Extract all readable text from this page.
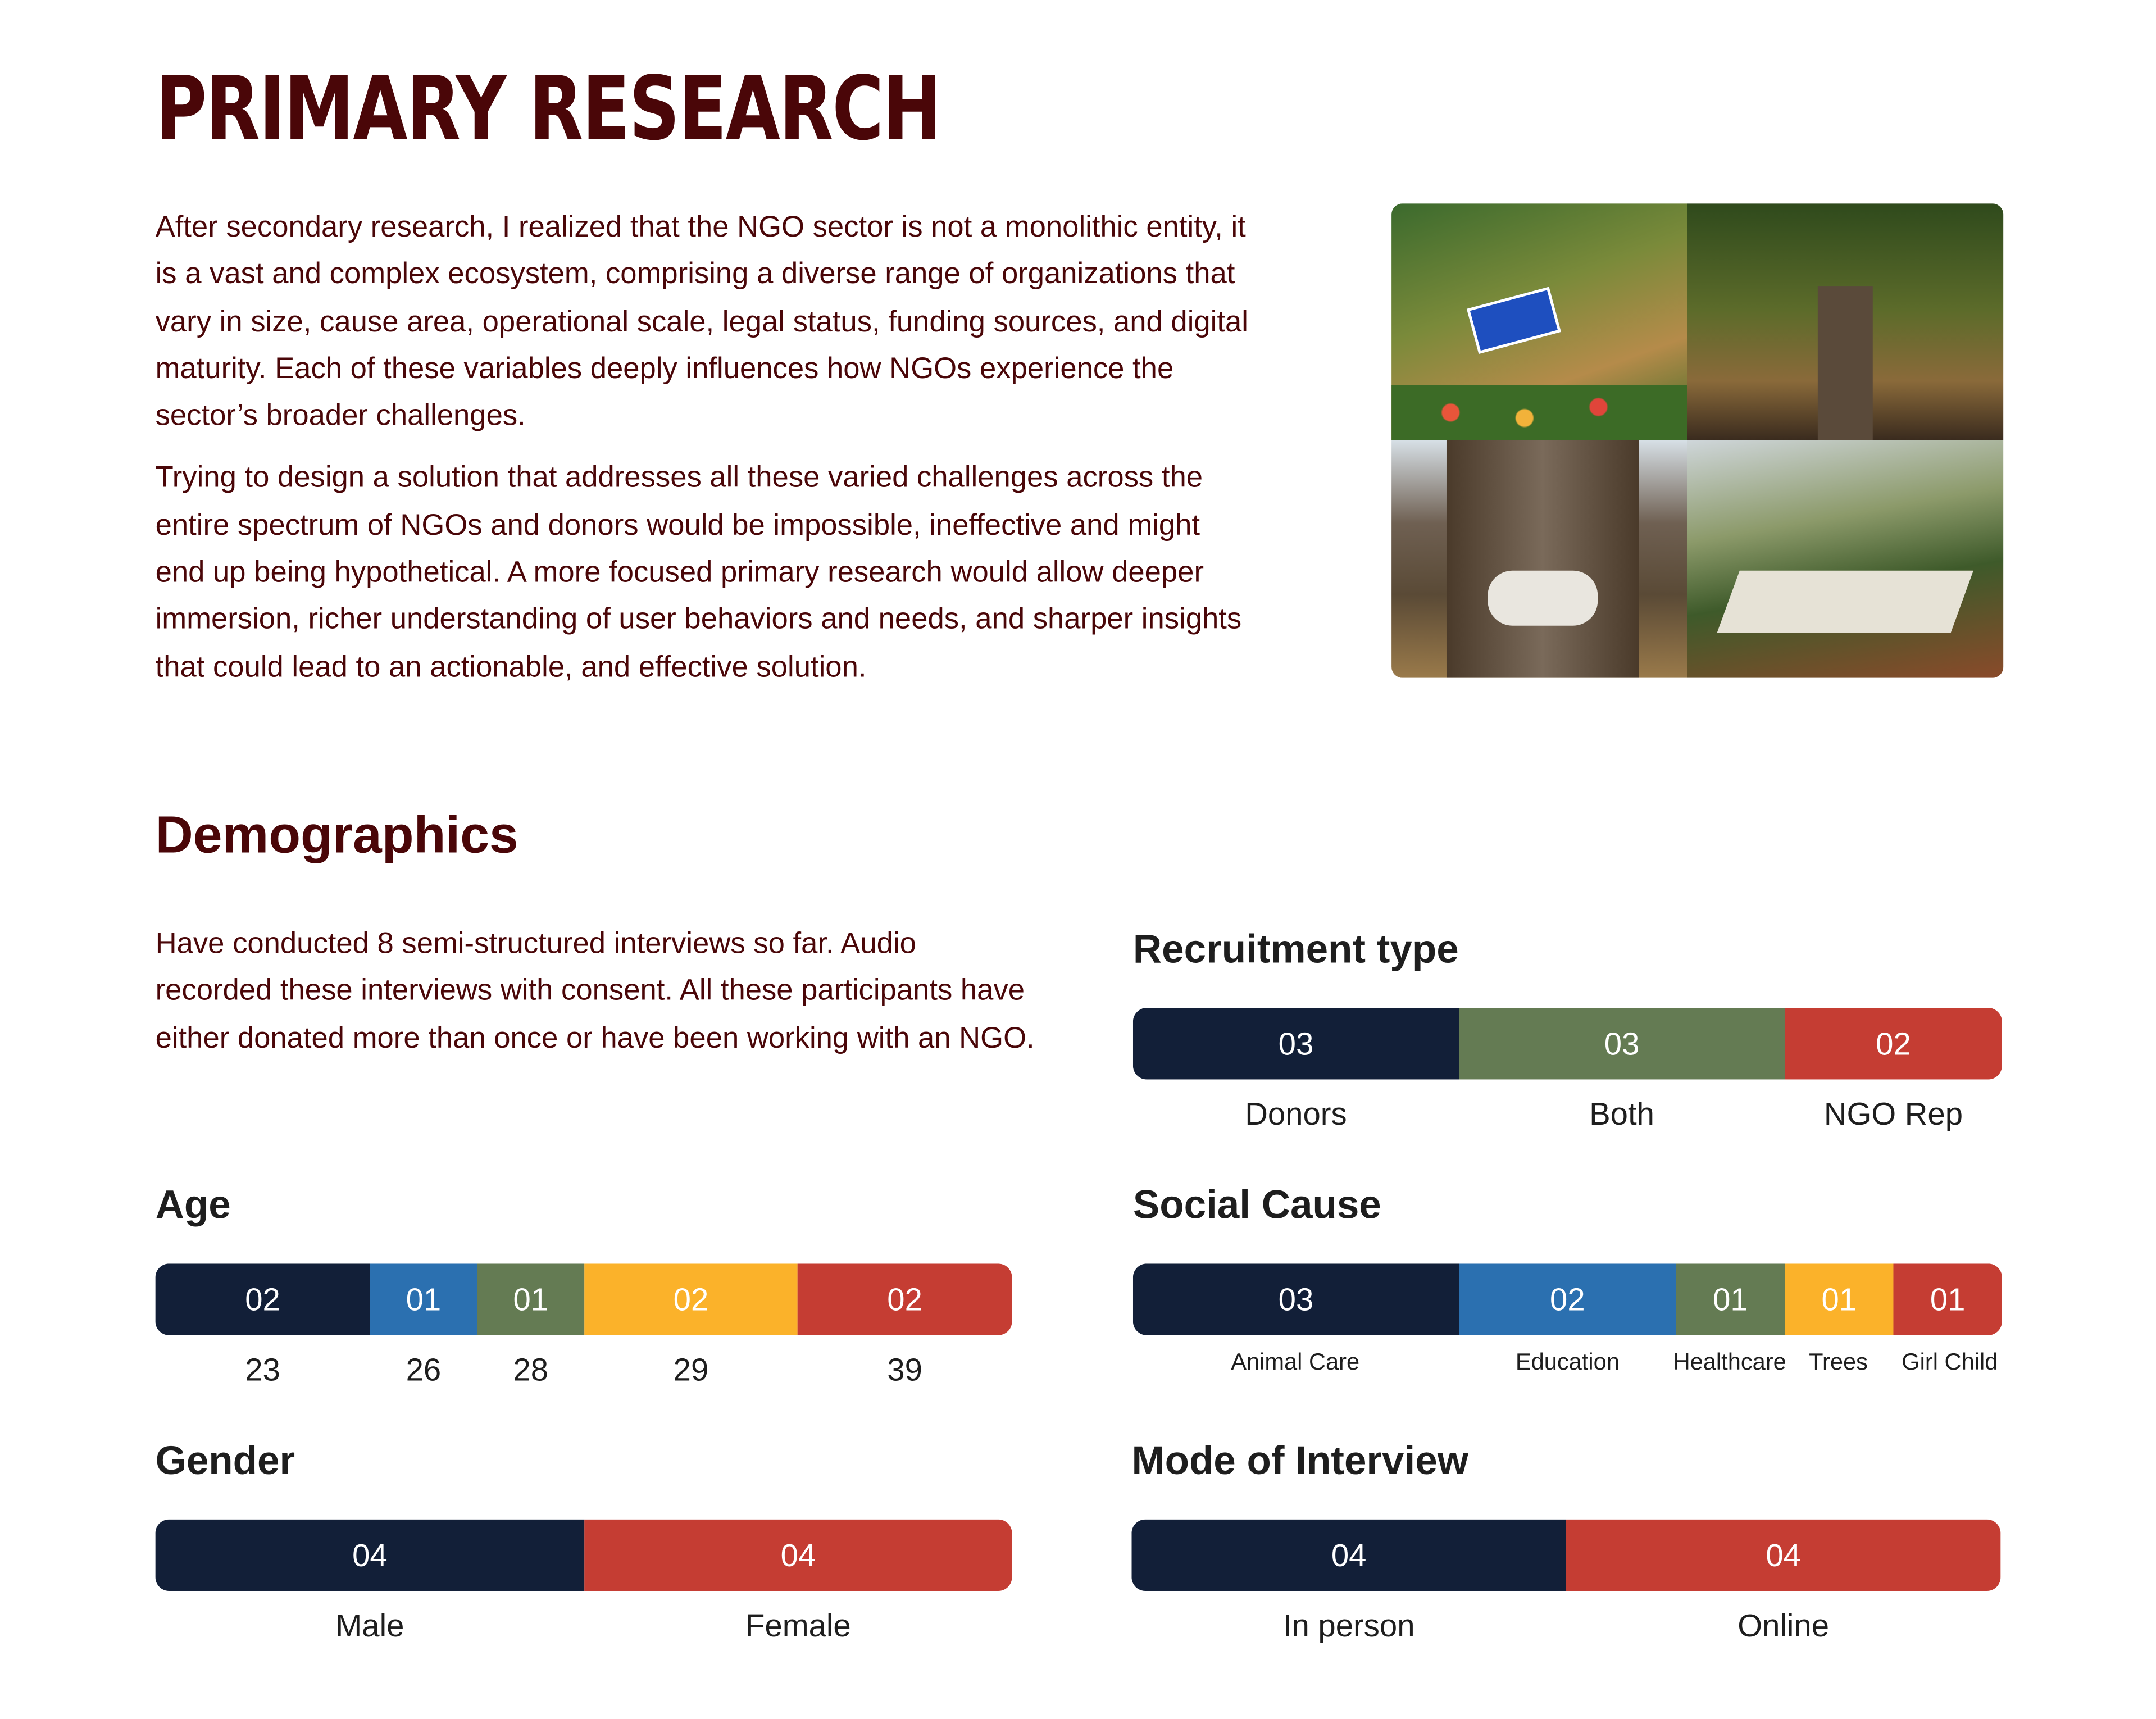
PRIMARY RESEARCH

After secondary research, I realized that the NGO sector is not a monolithic entity, it is a vast and complex ecosystem, comprising a diverse range of organizations that vary in size, cause area, operational scale, legal status, funding sources, and digital maturity. Each of these variables deeply influences how NGOs experience the sector’s broader challenges.

Trying to design a solution that addresses all these varied challenges across the entire spectrum of NGOs and donors would be impossible, ineffective and might end up being hypothetical. A more focused primary research would allow deeper immersion, richer understanding of user behaviors and needs, and sharper insights that could lead to an actionable, and effective solution.

Demographics

Have conducted 8 semi-structured interviews so far. Audio recorded these interviews with consent. All these participants have either donated more than once or have been working with an NGO.

Recruitment type
03	03	02
Donors	Both	NGO Rep
Age
02	01	01	02	02
23	26	28	29	39
Social Cause
03	02	01	01	01
Animal Care	Education	Healthcare	Trees	Girl Child
Gender
04	04
Male	Female
Mode of Interview
04	04
In person	Online
